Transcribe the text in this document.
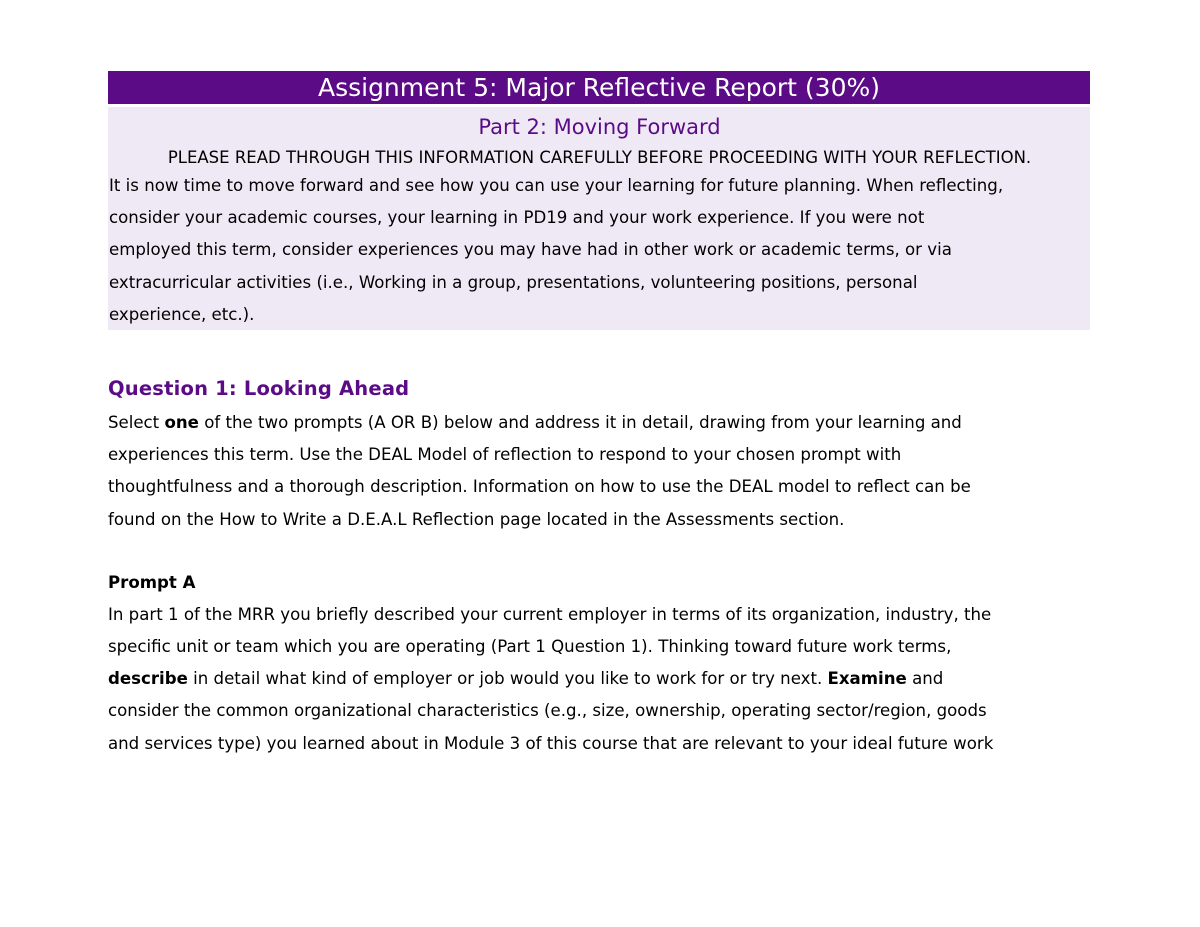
Assignment 5: Major Reflective Report (30%)
Part 2: Moving Forward
PLEASE READ THROUGH THIS INFORMATION CAREFULLY BEFORE PROCEEDING WITH YOUR REFLECTION.
It is now time to move forward and see how you can use your learning for future planning. When reflecting,
consider your academic courses, your learning in PD19 and your work experience. If you were not
employed this term, consider experiences you may have had in other work or academic terms, or via
extracurricular activities (i.e., Working in a group, presentations, volunteering positions, personal
experience, etc.).
Question 1: Looking Ahead
Select one of the two prompts (A OR B) below and address it in detail, drawing from your learning and
experiences this term. Use the DEAL Model of reflection to respond to your chosen prompt with
thoughtfulness and a thorough description. Information on how to use the DEAL model to reflect can be
found on the How to Write a D.E.A.L Reflection page located in the Assessments section.
Prompt A
In part 1 of the MRR you briefly described your current employer in terms of its organization, industry, the
specific unit or team which you are operating (Part 1 Question 1). Thinking toward future work terms,
describe in detail what kind of employer or job would you like to work for or try next. Examine and
consider the common organizational characteristics (e.g., size, ownership, operating sector/region, goods
and services type) you learned about in Module 3 of this course that are relevant to your ideal future work
